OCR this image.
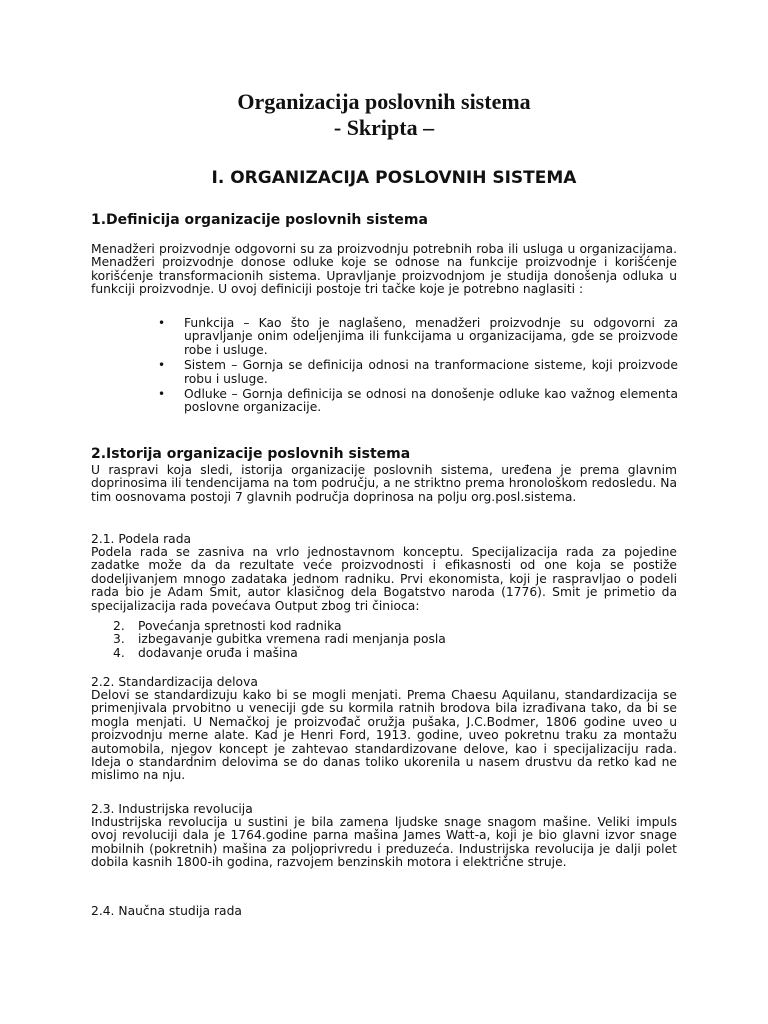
Organizacija poslovnih sistema
- Skripta –
I. ORGANIZACIJA POSLOVNIH SISTEMA
1.Definicija organizacije poslovnih sistema

Menadžeri proizvodnje odgovorni su za proizvodnju potrebnih roba ili usluga u organizacijama. Menadžeri proizvodnje donose odluke koje se odnose na funkcije proizvodnje i korišćenje korišćenje transformacionih sistema. Upravljanje proizvodnjom je studija donošenja odluka u funkciji proizvodnje. U ovoj definiciji postoje tri tačke koje je potrebno naglasiti :

• Funkcija – Kao što je naglašeno, menadžeri proizvodnje su odgovorni za upravljanje onim odeljenjima ili funkcijama u organizacijama, gde se proizvode robe i usluge.
• Sistem – Gornja se definicija odnosi na tranformacione sisteme, koji proizvode robu i usluge.
• Odluke – Gornja definicija se odnosi na donošenje odluke kao važnog elementa poslovne organizacije.
2.Istorija organizacije poslovnih sistema

U raspravi koja sledi, istorija organizacije poslovnih sistema, uređena je prema glavnim doprinosima ili tendencijama na tom području, a ne striktno prema hronološkom redosledu. Na tim oosnovama postoji 7 glavnih područja doprinosa na polju org.posl.sistema.

2.1. Podela rada

Podela rada se zasniva na vrlo jednostavnom konceptu. Specijalizacija rada za pojedine zadatke može da da rezultate veće proizvodnosti i efikasnosti od one koja se postiže dodeljivanjem mnogo zadataka jednom radniku. Prvi ekonomista, koji je raspravljao o podeli rada bio je Adam Smit, autor klasičnog dela Bogatstvo naroda (1776). Smit je primetio da specijalizacija rada povećava Output zbog tri činioca:

2.	Povećanja spretnosti kod radnika
3.	izbegavanje gubitka vremena radi menjanja posla
4.	dodavanje oruđa i mašina
2.2. Standardizacija delova

Delovi se standardizuju kako bi se mogli menjati. Prema Chaesu Aquilanu, standardizacija se primenjivala prvobitno u veneciji gde su kormila ratnih brodova bila izrađivana tako, da bi se mogla menjati. U Nemačkoj je proizvođač oružja pušaka, J.C.Bodmer, 1806 godine uveo u proizvodnju merne alate. Kad je Henri Ford, 1913. godine, uveo pokretnu traku za montažu automobila, njegov koncept je zahtevao standardizovane delove, kao i specijalizaciju rada. Ideja o standardnim delovima se do danas toliko ukorenila u nasem drustvu da retko kad ne mislimo na nju.

2.3. Industrijska revolucija

Industrijska revolucija u sustini je bila zamena ljudske snage snagom mašine. Veliki impuls ovoj revoluciji dala je 1764.godine parna mašina James Watt-a, koji je bio glavni izvor snage mobilnih (pokretnih) mašina za poljoprivredu i preduzeća. Industrijska revolucija je dalji polet dobila kasnih 1800-ih godina, razvojem benzinskih motora i električne struje.

2.4. Naučna studija rada
